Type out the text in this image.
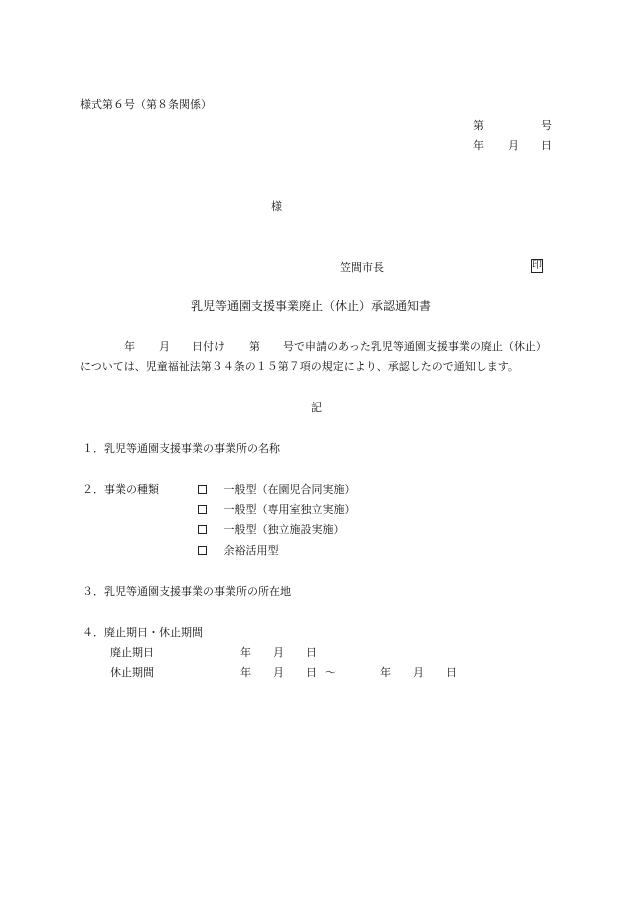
様式第６号（第８条関係）
第	号
年 月 日
様
笠間市長	印
乳児等通園支援事業廃止（休止）承認通知書
年 月 日付け 第 号で申請のあった乳児等通園支援事業の廃止（休止）
については、児童福祉法第３４条の１５第７項の規定により、承認したので通知します。
記
１．乳児等通園支援事業の事業所の名称
２．事業の種類	一般型（在園児合同実施）
一般型（専用室独立実施）
一般型（独立施設実施）
余裕活用型
３．乳児等通園支援事業の事業所の所在地
４．廃止期日・休止期間
廃止期日	年 月 日
休止期間	年 月 日 ～	年 月 日
